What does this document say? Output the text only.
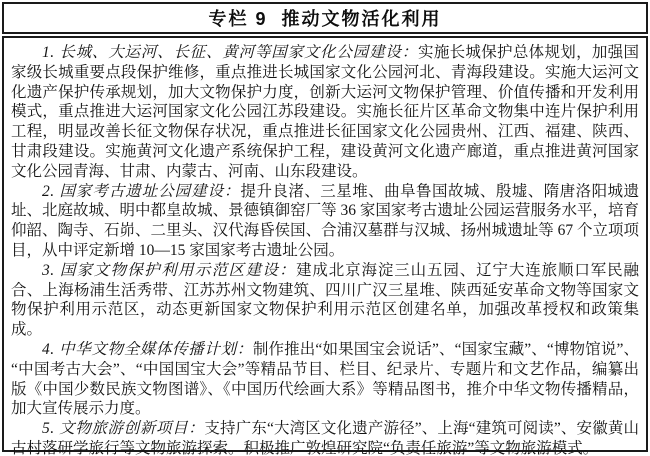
专栏 9 推动文物活化利用

1. 长城、大运河、长征、黄河等国家文化公园建设：实施长城保护总体规划，加强国家级长城重要点段保护维修，重点推进长城国家文化公园河北、青海段建设。实施大运河文化遗产保护传承规划，加大文物保护力度，创新大运河文物保护管理、价值传播和开发利用模式，重点推进大运河国家文化公园江苏段建设。实施长征片区革命文物集中连片保护利用工程，明显改善长征文物保存状况，重点推进长征国家文化公园贵州、江西、福建、陕西、甘肃段建设。实施黄河文化遗产系统保护工程，建设黄河文化遗产廊道，重点推进黄河国家文化公园青海、甘肃、内蒙古、河南、山东段建设。

2. 国家考古遗址公园建设：提升良渚、三星堆、曲阜鲁国故城、殷墟、隋唐洛阳城遗址、北庭故城、明中都皇故城、景德镇御窑厂等 36 家国家考古遗址公园运营服务水平，培育仰韶、陶寺、石峁、二里头、汉代海昏侯国、合浦汉墓群与汉城、扬州城遗址等 67 个立项项目，从中评定新增 10—15 家国家考古遗址公园。

3. 国家文物保护利用示范区建设：建成北京海淀三山五园、辽宁大连旅顺口军民融合、上海杨浦生活秀带、江苏苏州文物建筑、四川广汉三星堆、陕西延安革命文物等国家文物保护利用示范区，动态更新国家文物保护利用示范区创建名单，加强改革授权和政策集成。

4. 中华文物全媒体传播计划：制作推出“如果国宝会说话”、“国家宝藏”、“博物馆说”、“中国考古大会”、“中国国宝大会”等精品节目、栏目、纪录片、专题片和文艺作品，编纂出版《中国少数民族文物图谱》、《中国历代绘画大系》等精品图书，推介中华文物传播精品，加大宣传展示力度。

5. 文物旅游创新项目：支持广东“大湾区文化遗产游径”、上海“建筑可阅读”、安徽黄山古村落研学旅行等文物旅游探索。积极推广敦煌研究院“负责任旅游”等文物旅游模式。
